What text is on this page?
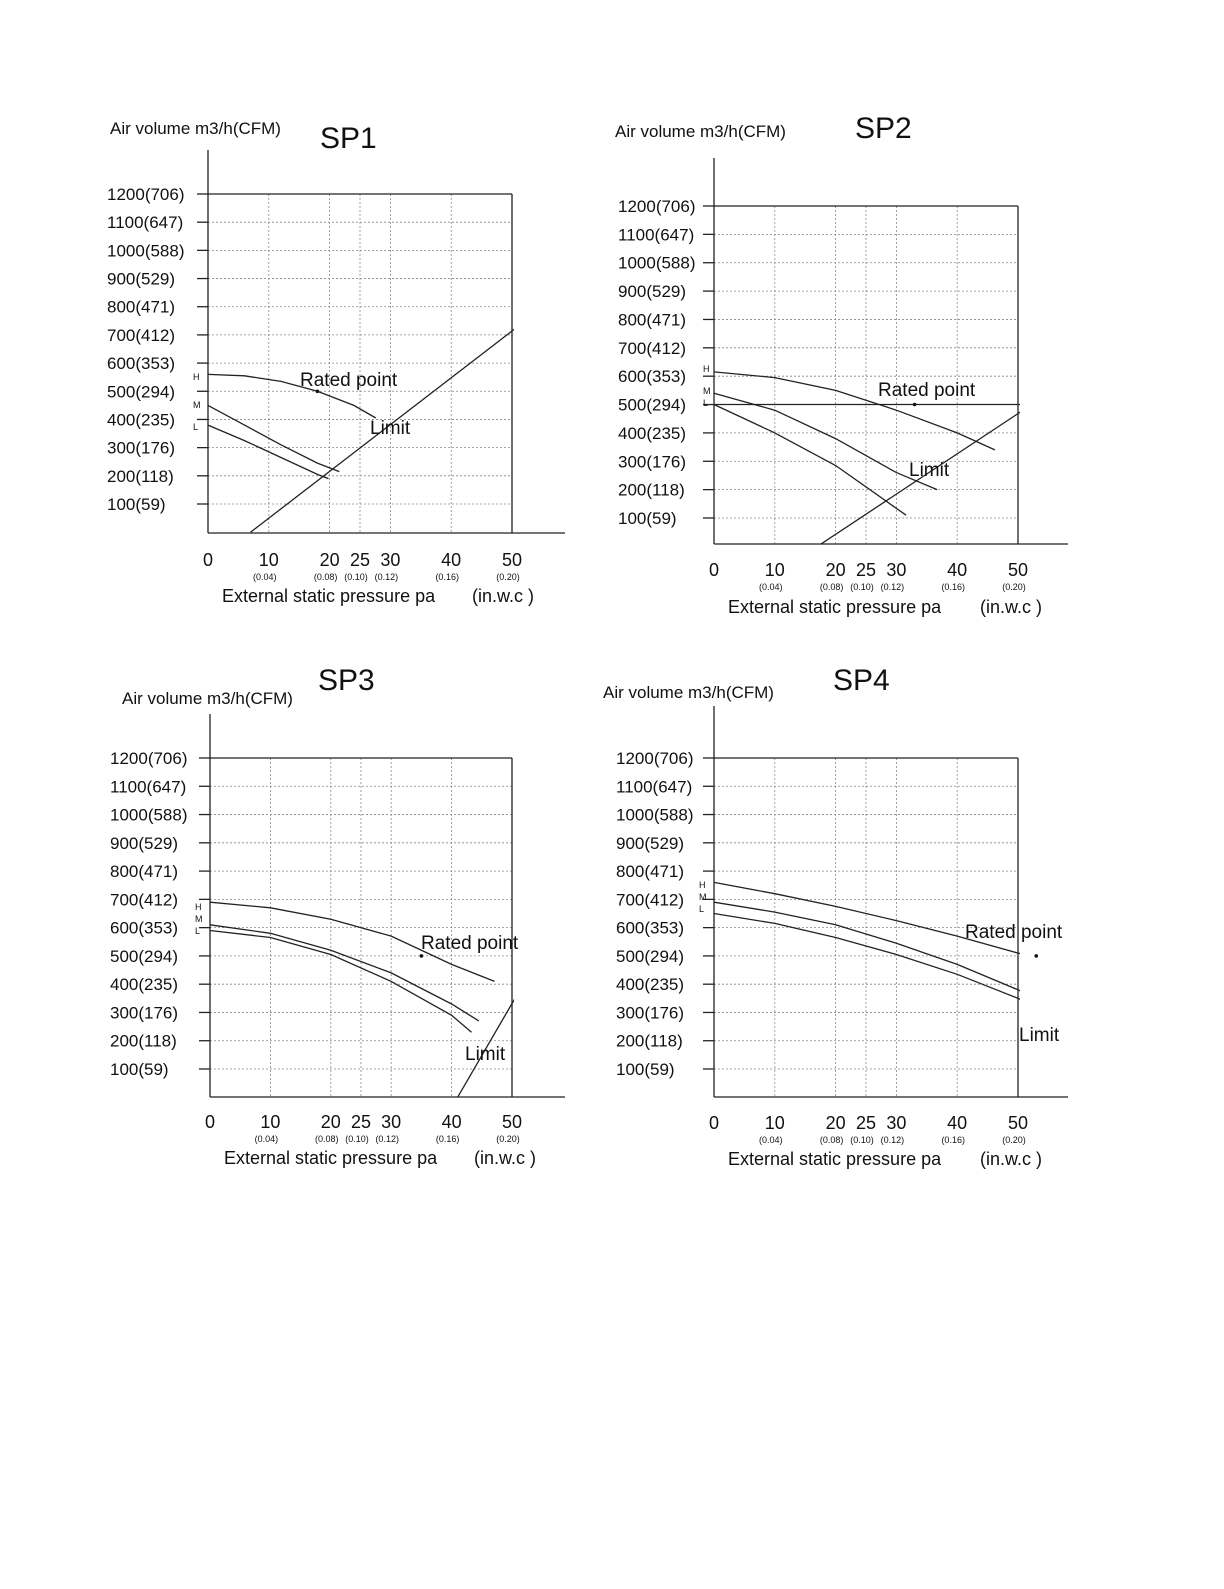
SP1
Air volume m3/h(CFM)
1200(706)
1100(647)
1000(588)
900(529)
800(471)
700(412)
600(353)
500(294)
400(235)
300(176)
200(118)
100(59)
0	10
(0.04)
20
(0.08)
25
(0.10)
30
(0.12)
40
(0.16)
50
(0.20)
External static pressure pa (in.w.c )
H
M
L
Rated point
Limit
SP2
Air volume m3/h(CFM)
1200(706)
1100(647)
1000(588)
900(529)
800(471)
700(412)
600(353)
500(294)
400(235)
300(176)
200(118)
100(59)
0	10
(0.04)
20
(0.08)
25
(0.10)
30
(0.12)
40
(0.16)
50
(0.20)
External static pressure pa (in.w.c )
H
M
L
Rated point
Limit
SP3
Air volume m3/h(CFM)
1200(706)
1100(647)
1000(588)
900(529)
800(471)
700(412)
600(353)
500(294)
400(235)
300(176)
200(118)
100(59)
0	10
(0.04)
20
(0.08)
25
(0.10)
30
(0.12)
40
(0.16)
50
(0.20)
External static pressure pa (in.w.c )
H
M
L
Rated point
Limit
SP4
Air volume m3/h(CFM)
1200(706)
1100(647)
1000(588)
900(529)
800(471)
700(412)
600(353)
500(294)
400(235)
300(176)
200(118)
100(59)
0	10
(0.04)
20
(0.08)
25
(0.10)
30
(0.12)
40
(0.16)
50
(0.20)
External static pressure pa (in.w.c )
H
M
L
Rated point
Limit
